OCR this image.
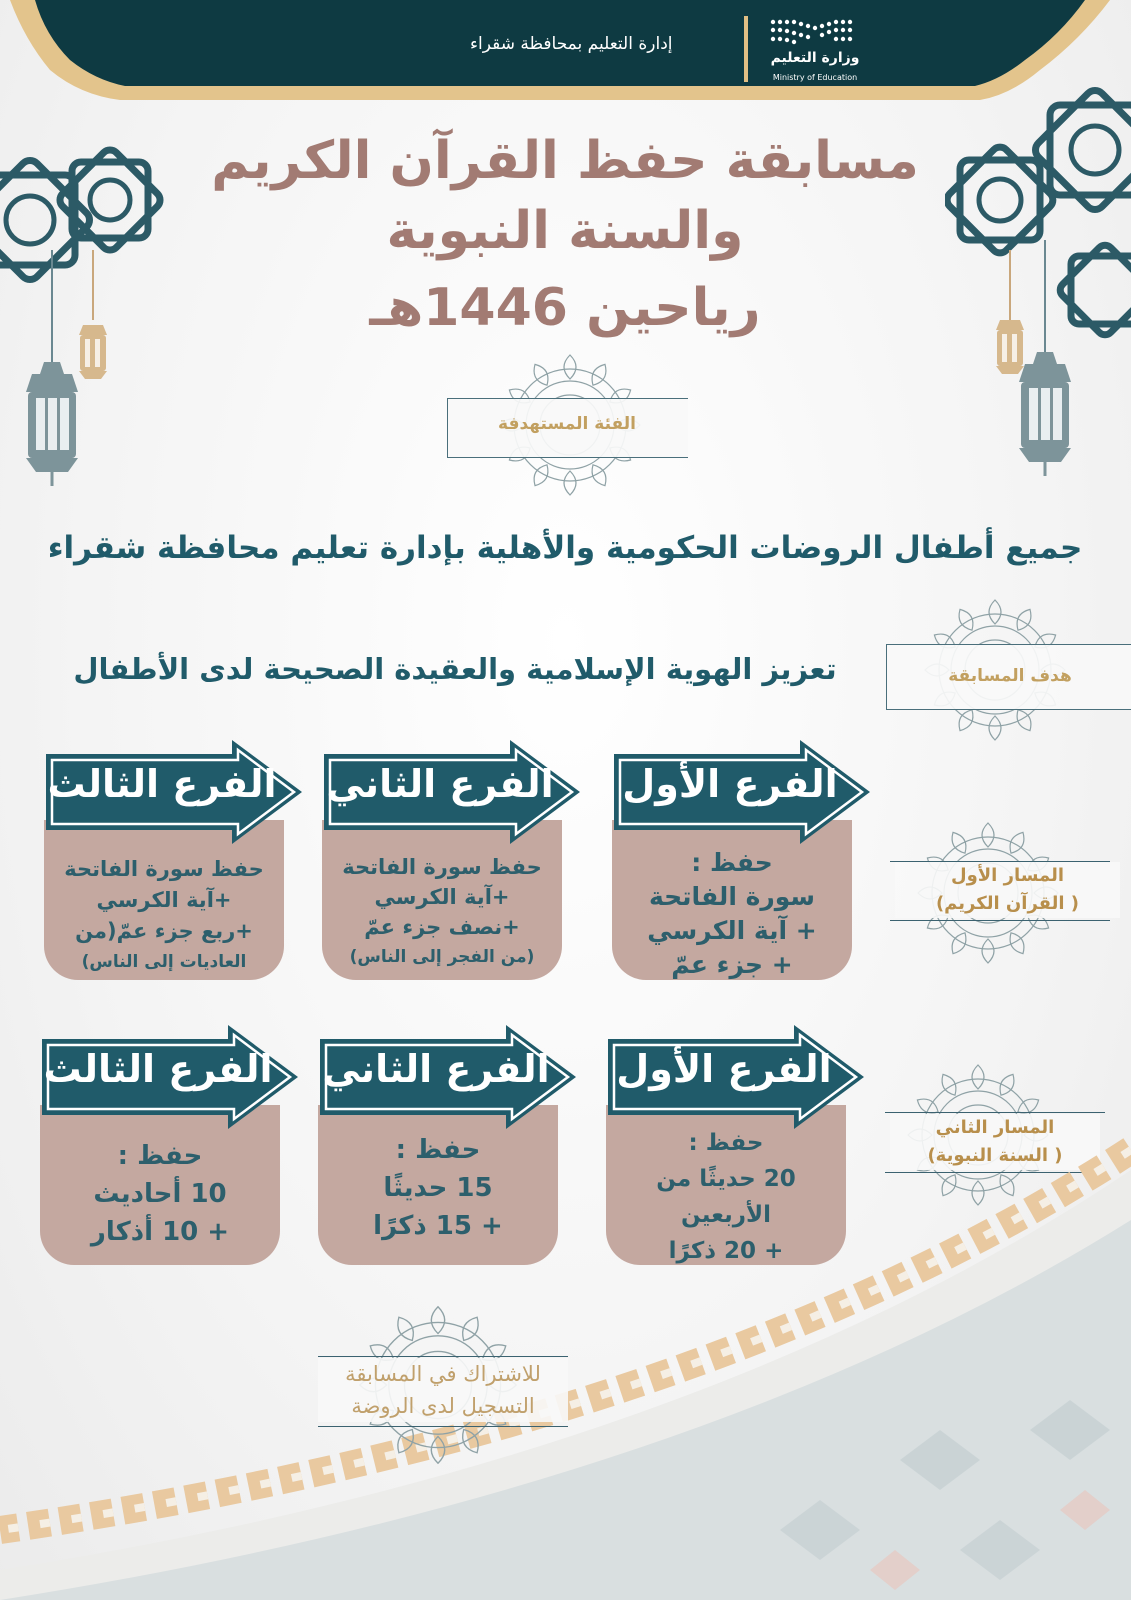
إدارة التعليم بمحافظة شقراء
وزارة التعليم
Ministry of Education
مسابقة حفظ القرآن الكريم
والسنة النبوية
رياحين 1446هـ
الفئة المستهدفة
جميع أطفال الروضات الحكومية والأهلية بإدارة تعليم محافظة شقراء
هدف المسابقة
تعزيز الهوية الإسلامية والعقيدة الصحيحة لدى الأطفال
المسار الأول
( القرآن الكريم)
الفرع الأول
حفظ :
سورة الفاتحة
+ آية الكرسي
+ جزء عمّ
الفرع الثاني
حفظ سورة الفاتحة
+آية الكرسي
+نصف جزء عمّ
(من الفجر إلى الناس)
الفرع الثالث
حفظ سورة الفاتحة
+آية الكرسي
+ربع جزء عمّ(من
العاديات إلى الناس)
المسار الثاني
( السنة النبوية)
الفرع الأول
حفظ :
20 حديثًا من
الأربعين
+ 20 ذكرًا
الفرع الثاني
حفظ :
15 حديثًا
+ 15 ذكرًا
الفرع الثالث
حفظ :
10 أحاديث
+ 10 أذكار
للاشتراك في المسابقة
التسجيل لدى الروضة
